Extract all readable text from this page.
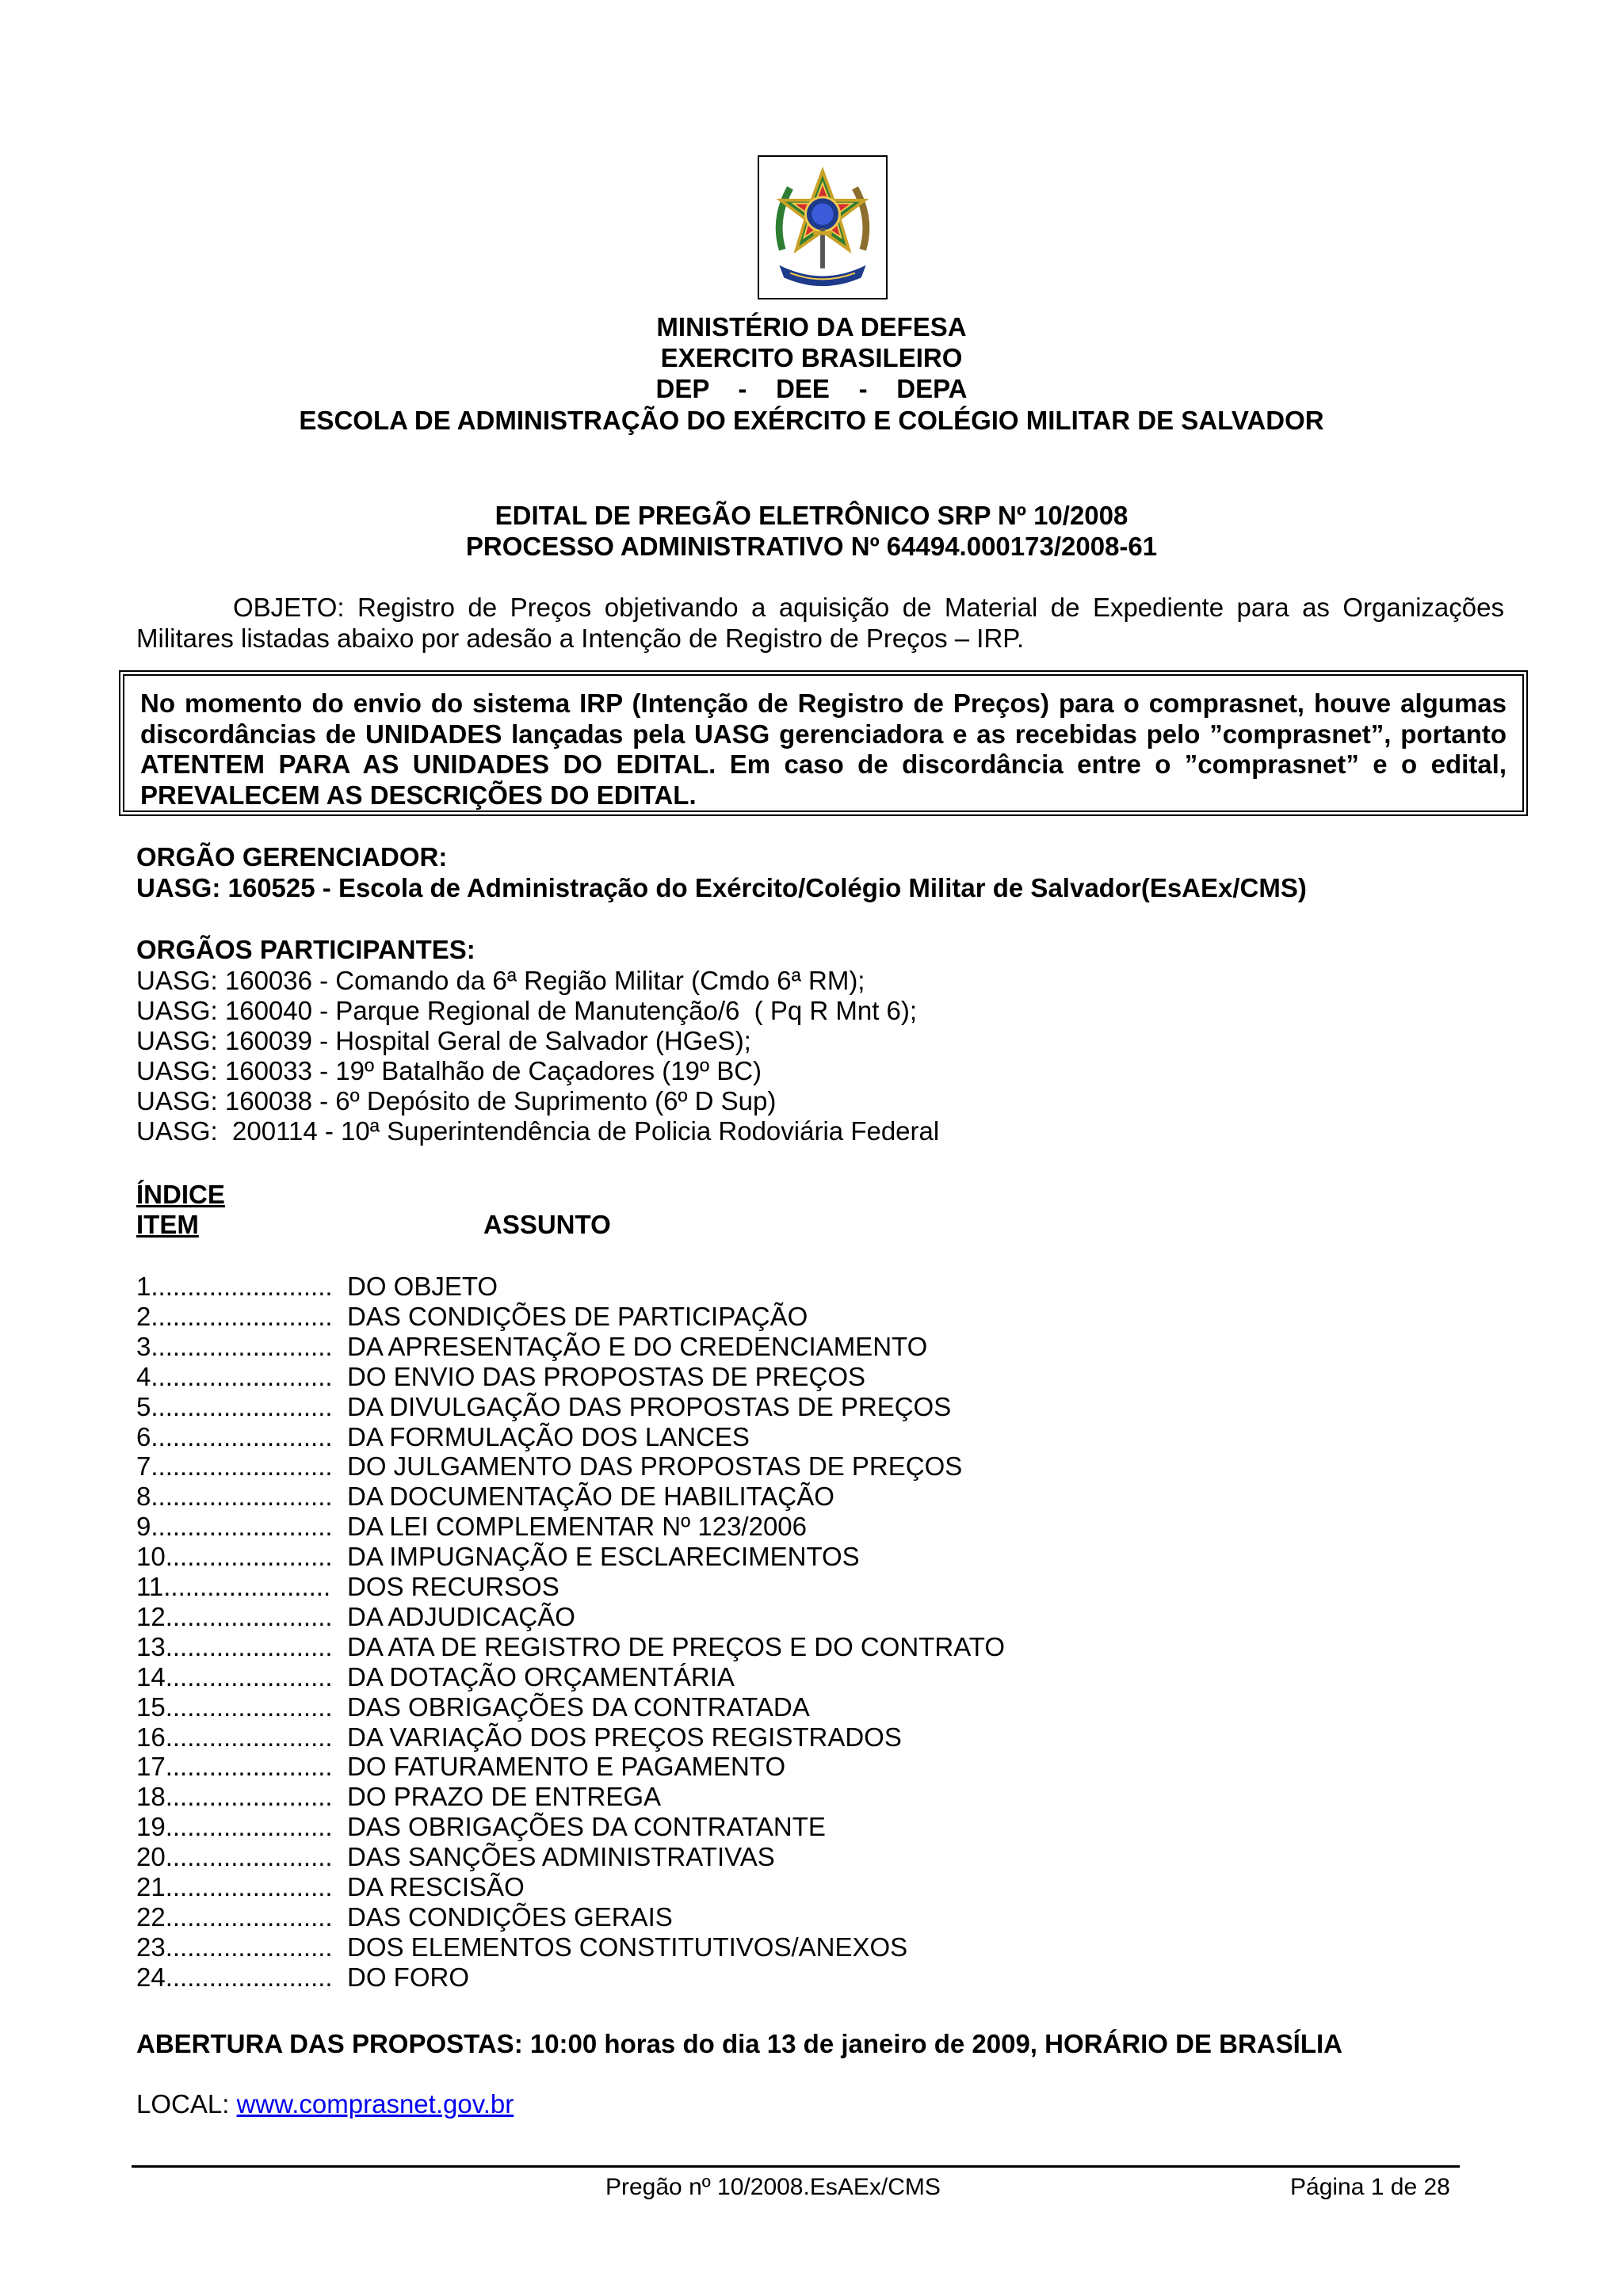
MINISTÉRIO DA DEFESA
EXERCITO BRASILEIRO
DEP    -    DEE    -    DEPA
ESCOLA DE ADMINISTRAÇÃO DO EXÉRCITO E COLÉGIO MILITAR DE SALVADOR
EDITAL DE PREGÃO ELETRÔNICO SRP Nº 10/2008
PROCESSO ADMINISTRATIVO Nº 64494.000173/2008-61
OBJETO: Registro de Preços objetivando a aquisição de Material de Expediente para as Organizações Militares listadas abaixo por adesão a Intenção de Registro de Preços – IRP.

No momento do envio do sistema IRP (Intenção de Registro de Preços) para o comprasnet, houve algumas discordâncias de UNIDADES lançadas pela UASG gerenciadora e as recebidas pelo ”comprasnet”, portanto ATENTEM PARA AS UNIDADES DO EDITAL. Em caso de discordância entre o ”comprasnet” e o edital, PREVALECEM AS DESCRIÇÕES DO EDITAL.

ORGÃO GERENCIADOR:
UASG: 160525 - Escola de Administração do Exército/Colégio Militar de Salvador(EsAEx/CMS)
ORGÃOS PARTICIPANTES:
UASG: 160036 - Comando da 6ª Região Militar (Cmdo 6ª RM);
UASG: 160040 - Parque Regional de Manutenção/6  ( Pq R Mnt 6);
UASG: 160039 - Hospital Geral de Salvador (HGeS);
UASG: 160033 - 19º Batalhão de Caçadores (19º BC)
UASG: 160038 - 6º Depósito de Suprimento (6º D Sup)
UASG:  200114 - 10ª Superintendência de Policia Rodoviária Federal
ÍNDICE
ITEM	ASSUNTO
1......................... DO OBJETO
2......................... DAS CONDIÇÕES DE PARTICIPAÇÃO
3......................... DA APRESENTAÇÃO E DO CREDENCIAMENTO
4......................... DO ENVIO DAS PROPOSTAS DE PREÇOS
5......................... DA DIVULGAÇÃO DAS PROPOSTAS DE PREÇOS
6......................... DA FORMULAÇÃO DOS LANCES
7......................... DO JULGAMENTO DAS PROPOSTAS DE PREÇOS
8......................... DA DOCUMENTAÇÃO DE HABILITAÇÃO
9......................... DA LEI COMPLEMENTAR Nº 123/2006
10....................... DA IMPUGNAÇÃO E ESCLARECIMENTOS
11....................... DOS RECURSOS
12....................... DA ADJUDICAÇÃO
13....................... DA ATA DE REGISTRO DE PREÇOS E DO CONTRATO
14....................... DA DOTAÇÃO ORÇAMENTÁRIA
15....................... DAS OBRIGAÇÕES DA CONTRATADA
16....................... DA VARIAÇÃO DOS PREÇOS REGISTRADOS
17....................... DO FATURAMENTO E PAGAMENTO
18....................... DO PRAZO DE ENTREGA
19....................... DAS OBRIGAÇÕES DA CONTRATANTE
20....................... DAS SANÇÕES ADMINISTRATIVAS
21....................... DA RESCISÃO
22....................... DAS CONDIÇÕES GERAIS
23....................... DOS ELEMENTOS CONSTITUTIVOS/ANEXOS
24....................... DO FORO
ABERTURA DAS PROPOSTAS: 10:00 horas do dia 13 de janeiro de 2009, HORÁRIO DE BRASÍLIA
LOCAL: www.comprasnet.gov.br
Pregão nº 10/2008.EsAEx/CMS	Página 1 de 28
